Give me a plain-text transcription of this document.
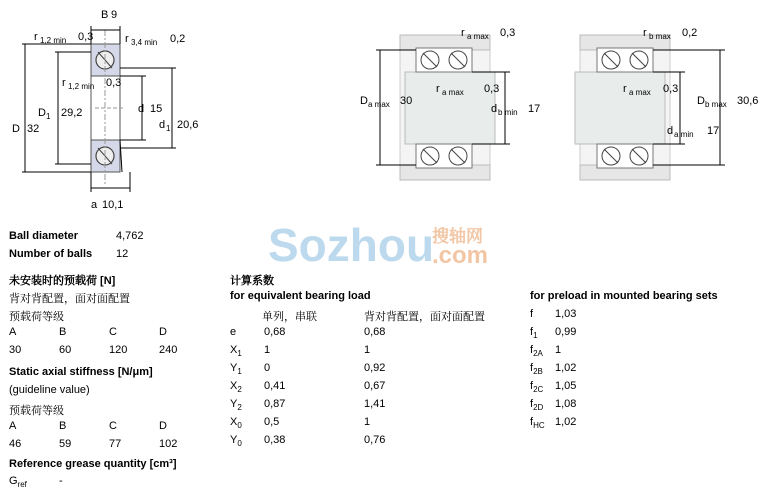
B 9
r 1,2 min 0,3	r 3,4 min 0,2
r 1,2 min 0,3
D 1 29,2
D 32
d 15
d 1 20,6
a 10,1
r a max 0,3
r a max 0,3
D a max 30
d b min 17
r b max 0,2
r a max 0,3
D b max 30,6
d a min 17
Sozhou
搜轴网
.com
Ball diameter	4,762
Number of balls 12
未安装时的预载荷 [N]
背对背配置，面对面配置
预载荷等级
A	B	C	D
30	60	120	240
Static axial stiffness [N/μm]
(guideline value)
预载荷等级
A	B	C	D
46	59	77	102
Reference grease quantity [cm³]
$G_{ref}$	-
计算系数
for equivalent bearing load
单列，串联	背对背配置，面对面配置
e	0,68	0,68
$X_1$ 1	1
$Y_1$ 0	0,92
$X_2$ 0,41	0,67
$Y_2$ 0,87	1,41
$X_0$ 0,5	1
$Y_0$ 0,38	0,76
for preload in mounted bearing sets
f 1,03
$f_1$ 0,99
$f_{2A}$ 1
$f_{2B}$ 1,02
$f_{2C}$ 1,05
$f_{2D}$ 1,08
$f_{HC}$ 1,02
